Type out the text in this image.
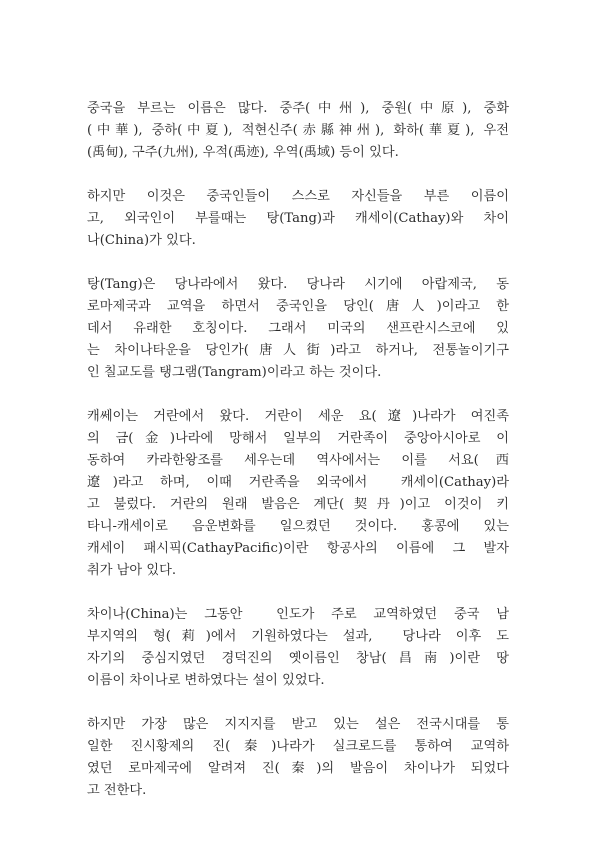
중국을 부르는 이름은 많다. 중주(中州), 중원(中原), 중화
(中華), 중하(中夏), 적현신주(赤縣神州), 화하(華夏), 우전
(禹甸), 구주(九州), 우적(禹迹), 우역(禹域) 등이 있다.

하지만 이것은 중국인들이 스스로 자신들을 부른 이름이
고, 외국인이 부를때는 탕(Tang)과 캐세이(Cathay)와 차이
나(China)가 있다.

탕(Tang)은 당나라에서 왔다. 당나라 시기에 아랍제국, 동
로마제국과 교역을 하면서 중국인을 당인(唐人)이라고 한
데서 유래한 호칭이다. 그래서 미국의 샌프란시스코에 있
는 차이나타운을 당인가(唐人街)라고 하거나, 전통놀이기구
인 칠교도를 탱그램(Tangram)이라고 하는 것이다.

캐쎄이는 거란에서 왔다. 거란이 세운 요(遼)나라가 여진족
의 금(金)나라에 망해서 일부의 거란족이 중앙아시아로 이
동하여 카라한왕조를 세우는데 역사에서는 이를 서요(西
遼)라고 하며, 이때 거란족을 외국에서  캐세이(Cathay)라
고 불렀다. 거란의 원래 발음은 계단(契丹)이고 이것이 키
타니-캐세이로 음운변화를 일으켰던 것이다. 홍콩에 있는
캐세이 패시픽(CathayPacific)이란 항공사의 이름에 그 발자
취가 남아 있다.

차이나(China)는 그동안  인도가 주로 교역하였던 중국 남
부지역의 형(莉)에서 기원하였다는 설과,  당나라 이후 도
자기의 중심지였던 경덕진의 옛이름인 창남(昌南)이란 땅
이름이 차이나로 변하였다는 설이 있었다.

하지만 가장 많은 지지지를 받고 있는 설은 전국시대를 통
일한 진시황제의 진(秦)나라가 실크로드를 통하여 교역하
였던 로마제국에 알려져 진(秦)의 발음이 차이나가 되었다
고 전한다.
